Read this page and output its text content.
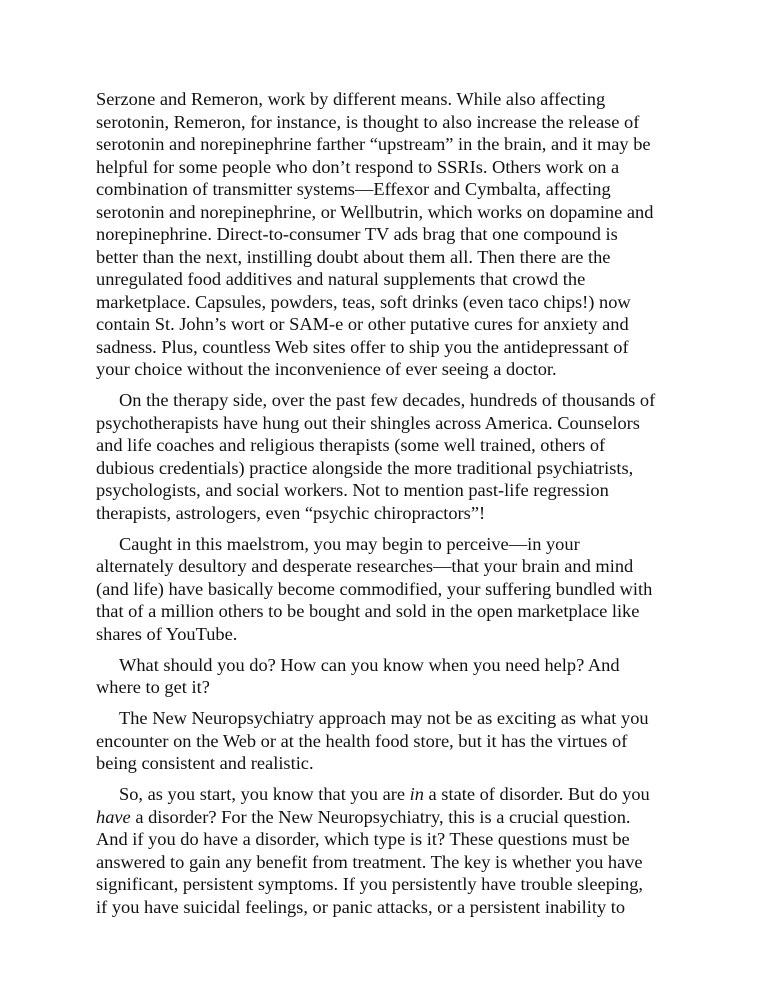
Serzone and Remeron, work by different means. While also affecting
serotonin, Remeron, for instance, is thought to also increase the release of
serotonin and norepinephrine farther “upstream” in the brain, and it may be
helpful for some people who don’t respond to SSRIs. Others work on a
combination of transmitter systems—Effexor and Cymbalta, affecting
serotonin and norepinephrine, or Wellbutrin, which works on dopamine and
norepinephrine. Direct-to-consumer TV ads brag that one compound is
better than the next, instilling doubt about them all. Then there are the
unregulated food additives and natural supplements that crowd the
marketplace. Capsules, powders, teas, soft drinks (even taco chips!) now
contain St. John’s wort or SAM-e or other putative cures for anxiety and
sadness. Plus, countless Web sites offer to ship you the antidepressant of
your choice without the inconvenience of ever seeing a doctor.

On the therapy side, over the past few decades, hundreds of thousands of
psychotherapists have hung out their shingles across America. Counselors
and life coaches and religious therapists (some well trained, others of
dubious credentials) practice alongside the more traditional psychiatrists,
psychologists, and social workers. Not to mention past-life regression
therapists, astrologers, even “psychic chiropractors”!

Caught in this maelstrom, you may begin to perceive—in your
alternately desultory and desperate researches—that your brain and mind
(and life) have basically become commodified, your suffering bundled with
that of a million others to be bought and sold in the open marketplace like
shares of YouTube.

What should you do? How can you know when you need help? And
where to get it?

The New Neuropsychiatry approach may not be as exciting as what you
encounter on the Web or at the health food store, but it has the virtues of
being consistent and realistic.

So, as you start, you know that you are in a state of disorder. But do you
have a disorder? For the New Neuropsychiatry, this is a crucial question.
And if you do have a disorder, which type is it? These questions must be
answered to gain any benefit from treatment. The key is whether you have
significant, persistent symptoms. If you persistently have trouble sleeping,
if you have suicidal feelings, or panic attacks, or a persistent inability to
